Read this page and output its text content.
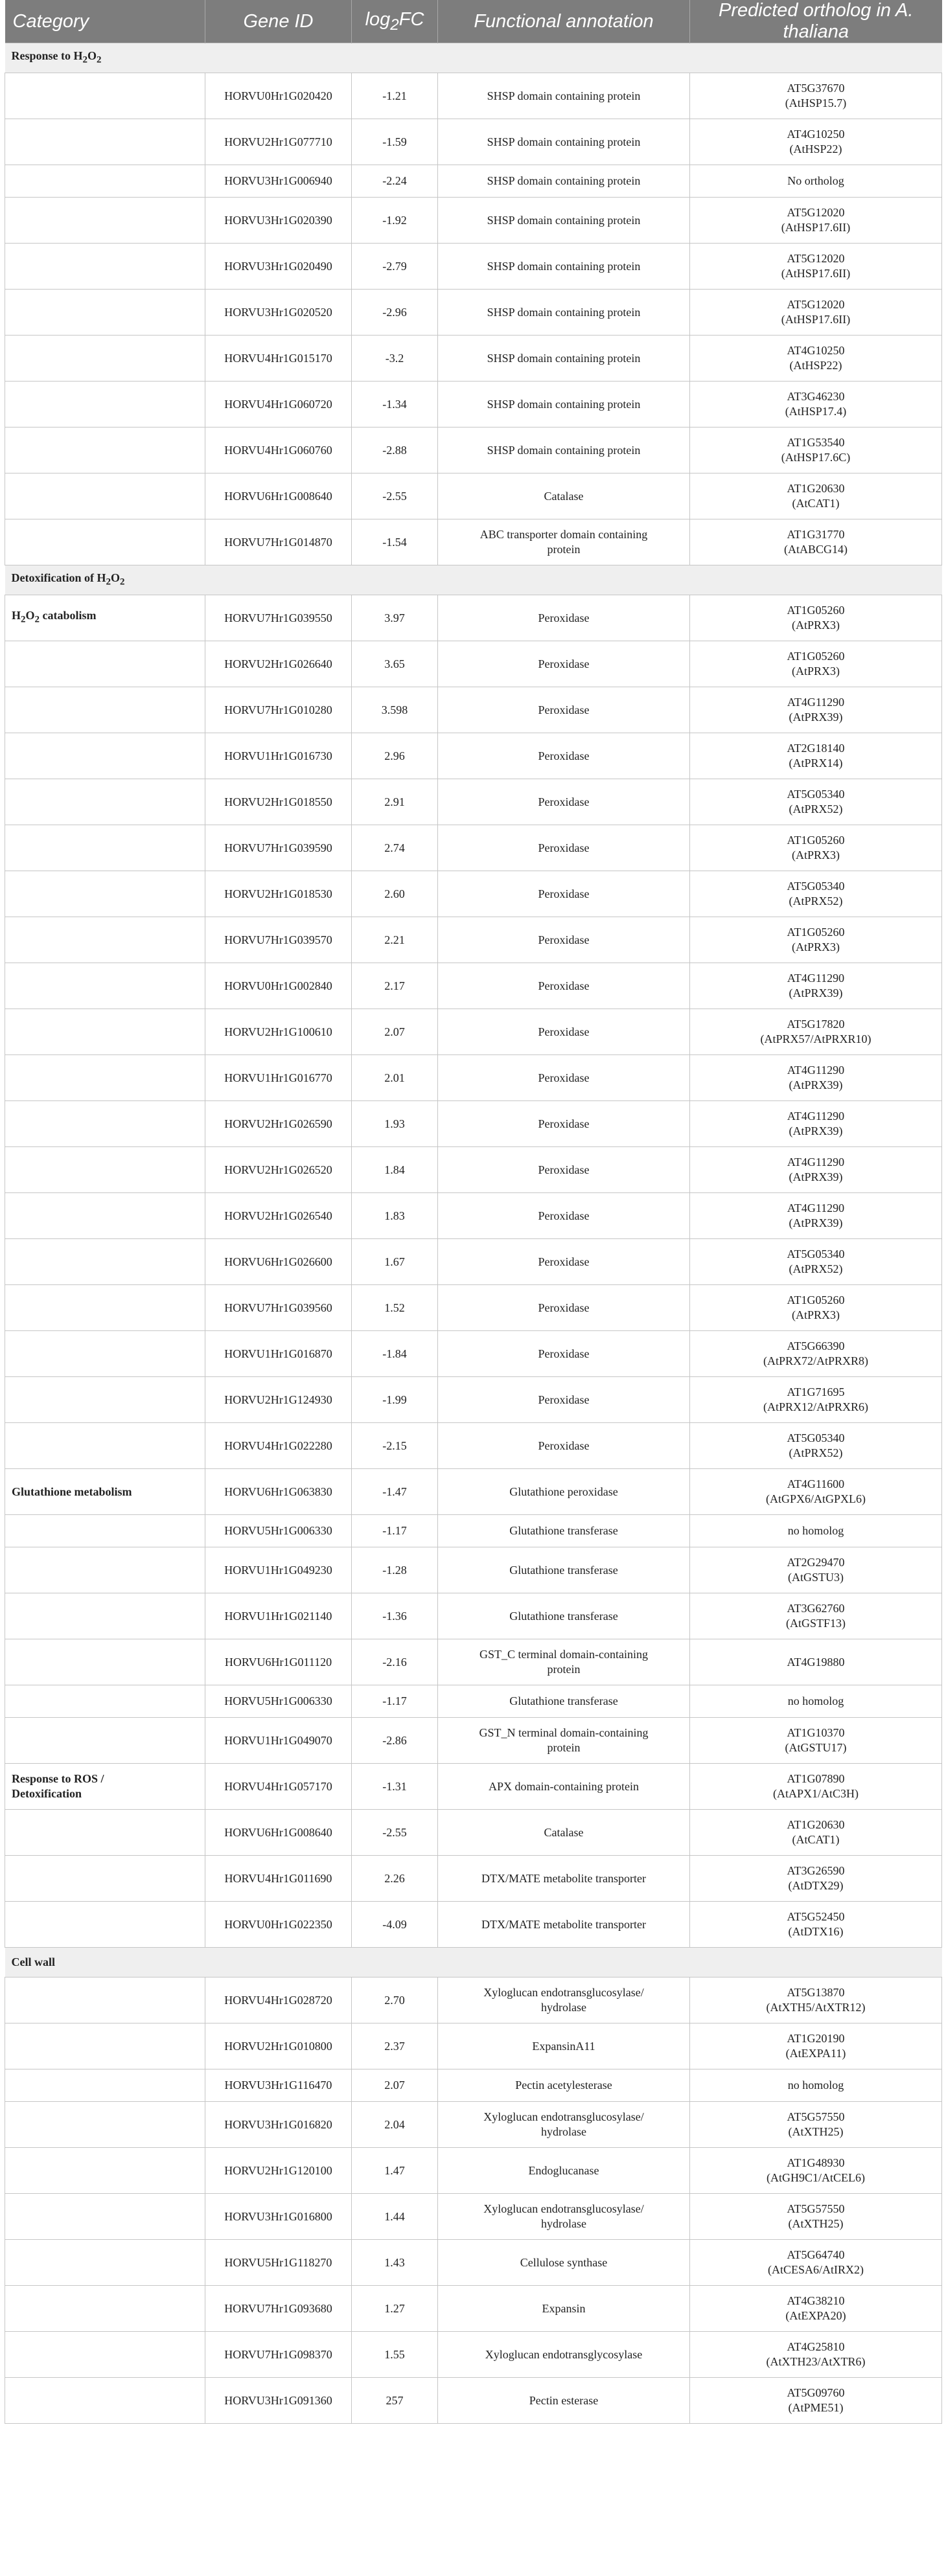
Category	Gene ID	$\log_2FC$	Functional annotation	Predicted ortholog in A. thaliana
Response to $H_2O_2$				
	HORVU0Hr1G020420	-1.21	SHSP domain containing protein	AT5G37670
(AtHSP15.7)
	HORVU2Hr1G077710	-1.59	SHSP domain containing protein	AT4G10250
(AtHSP22)
	HORVU3Hr1G006940	-2.24	SHSP domain containing protein	No ortholog
	HORVU3Hr1G020390	-1.92	SHSP domain containing protein	AT5G12020
(AtHSP17.6II)
	HORVU3Hr1G020490	-2.79	SHSP domain containing protein	AT5G12020
(AtHSP17.6II)
	HORVU3Hr1G020520	-2.96	SHSP domain containing protein	AT5G12020
(AtHSP17.6II)
	HORVU4Hr1G015170	-3.2	SHSP domain containing protein	AT4G10250
(AtHSP22)
	HORVU4Hr1G060720	-1.34	SHSP domain containing protein	AT3G46230
(AtHSP17.4)
	HORVU4Hr1G060760	-2.88	SHSP domain containing protein	AT1G53540
(AtHSP17.6C)
	HORVU6Hr1G008640	-2.55	Catalase	AT1G20630
(AtCAT1)
	HORVU7Hr1G014870	-1.54	ABC transporter domain containing
protein	AT1G31770
(AtABCG14)
Detoxification of $H_2O_2$				
$H_2O_2$ catabolism	HORVU7Hr1G039550	3.97	Peroxidase	AT1G05260
(AtPRX3)
	HORVU2Hr1G026640	3.65	Peroxidase	AT1G05260
(AtPRX3)
	HORVU7Hr1G010280	3.598	Peroxidase	AT4G11290
(AtPRX39)
	HORVU1Hr1G016730	2.96	Peroxidase	AT2G18140
(AtPRX14)
	HORVU2Hr1G018550	2.91	Peroxidase	AT5G05340
(AtPRX52)
	HORVU7Hr1G039590	2.74	Peroxidase	AT1G05260
(AtPRX3)
	HORVU2Hr1G018530	2.60	Peroxidase	AT5G05340
(AtPRX52)
	HORVU7Hr1G039570	2.21	Peroxidase	AT1G05260
(AtPRX3)
	HORVU0Hr1G002840	2.17	Peroxidase	AT4G11290
(AtPRX39)
	HORVU2Hr1G100610	2.07	Peroxidase	AT5G17820
(AtPRX57/AtPRXR10)
	HORVU1Hr1G016770	2.01	Peroxidase	AT4G11290
(AtPRX39)
	HORVU2Hr1G026590	1.93	Peroxidase	AT4G11290
(AtPRX39)
	HORVU2Hr1G026520	1.84	Peroxidase	AT4G11290
(AtPRX39)
	HORVU2Hr1G026540	1.83	Peroxidase	AT4G11290
(AtPRX39)
	HORVU6Hr1G026600	1.67	Peroxidase	AT5G05340
(AtPRX52)
	HORVU7Hr1G039560	1.52	Peroxidase	AT1G05260
(AtPRX3)
	HORVU1Hr1G016870	-1.84	Peroxidase	AT5G66390
(AtPRX72/AtPRXR8)
	HORVU2Hr1G124930	-1.99	Peroxidase	AT1G71695
(AtPRX12/AtPRXR6)
	HORVU4Hr1G022280	-2.15	Peroxidase	AT5G05340
(AtPRX52)
Glutathione metabolism	HORVU6Hr1G063830	-1.47	Glutathione peroxidase	AT4G11600
(AtGPX6/AtGPXL6)
	HORVU5Hr1G006330	-1.17	Glutathione transferase	no homolog
	HORVU1Hr1G049230	-1.28	Glutathione transferase	AT2G29470
(AtGSTU3)
	HORVU1Hr1G021140	-1.36	Glutathione transferase	AT3G62760
(AtGSTF13)
	HORVU6Hr1G011120	-2.16	GST_C terminal domain-containing
protein	AT4G19880
	HORVU5Hr1G006330	-1.17	Glutathione transferase	no homolog
	HORVU1Hr1G049070	-2.86	GST_N terminal domain-containing
protein	AT1G10370
(AtGSTU17)
Response to ROS /
Detoxification	HORVU4Hr1G057170	-1.31	APX domain-containing protein	AT1G07890
(AtAPX1/AtC3H)
	HORVU6Hr1G008640	-2.55	Catalase	AT1G20630
(AtCAT1)
	HORVU4Hr1G011690	2.26	DTX/MATE metabolite transporter	AT3G26590
(AtDTX29)
	HORVU0Hr1G022350	-4.09	DTX/MATE metabolite transporter	AT5G52450
(AtDTX16)
Cell wall				
	HORVU4Hr1G028720	2.70	Xyloglucan endotransglucosylase/
hydrolase	AT5G13870
(AtXTH5/AtXTR12)
	HORVU2Hr1G010800	2.37	ExpansinA11	AT1G20190
(AtEXPA11)
	HORVU3Hr1G116470	2.07	Pectin acetylesterase	no homolog
	HORVU3Hr1G016820	2.04	Xyloglucan endotransglucosylase/
hydrolase	AT5G57550
(AtXTH25)
	HORVU2Hr1G120100	1.47	Endoglucanase	AT1G48930
(AtGH9C1/AtCEL6)
	HORVU3Hr1G016800	1.44	Xyloglucan endotransglucosylase/
hydrolase	AT5G57550
(AtXTH25)
	HORVU5Hr1G118270	1.43	Cellulose synthase	AT5G64740
(AtCESA6/AtIRX2)
	HORVU7Hr1G093680	1.27	Expansin	AT4G38210
(AtEXPA20)
	HORVU7Hr1G098370	1.55	Xyloglucan endotransglycosylase	AT4G25810
(AtXTH23/AtXTR6)
	HORVU3Hr1G091360	257	Pectin esterase	AT5G09760
(AtPME51)
